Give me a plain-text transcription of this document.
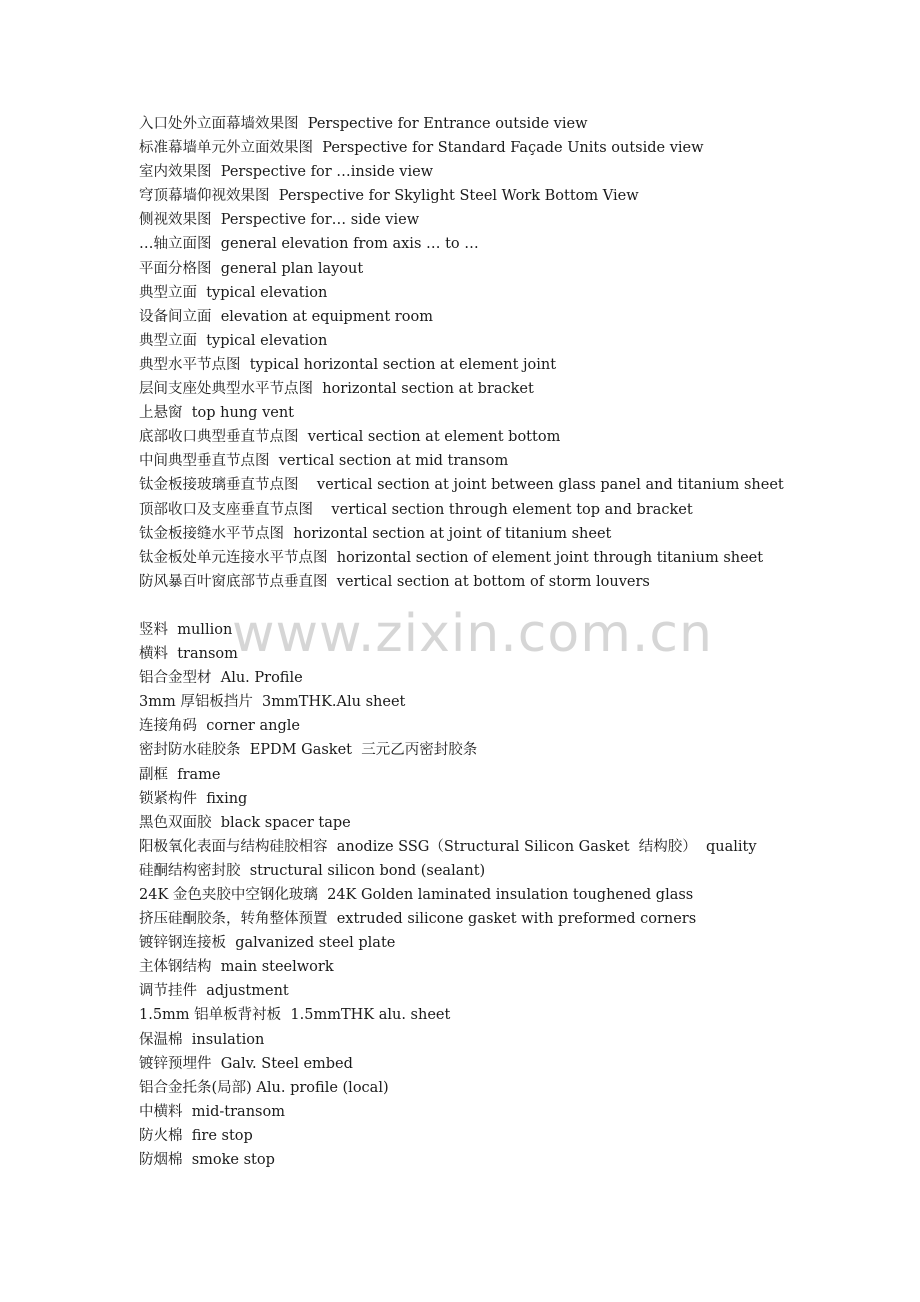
www.zixin.com.cn
入口处外立面幕墙效果图  Perspective for Entrance outside view
标准幕墙单元外立面效果图  Perspective for Standard Façade Units outside view
室内效果图  Perspective for …inside view
穹顶幕墙仰视效果图  Perspective for Skylight Steel Work Bottom View
侧视效果图  Perspective for… side view
…轴立面图  general elevation from axis … to …
平面分格图  general plan layout
典型立面  typical elevation
设备间立面  elevation at equipment room
典型立面  typical elevation
典型水平节点图  typical horizontal section at element joint
层间支座处典型水平节点图  horizontal section at bracket
上悬窗  top hung vent
底部收口典型垂直节点图  vertical section at element bottom
中间典型垂直节点图  vertical section at mid transom
钛金板接玻璃垂直节点图    vertical section at joint between glass panel and titanium sheet
顶部收口及支座垂直节点图    vertical section through element top and bracket
钛金板接缝水平节点图  horizontal section at joint of titanium sheet
钛金板处单元连接水平节点图  horizontal section of element joint through titanium sheet
防风暴百叶窗底部节点垂直图  vertical section at bottom of storm louvers
竖料  mullion
横料  transom
铝合金型材  Alu. Profile
3mm 厚铝板挡片  3mmTHK.Alu sheet
连接角码  corner angle
密封防水硅胶条  EPDM Gasket  三元乙丙密封胶条
副框  frame
锁紧构件  fixing
黑色双面胶  black spacer tape
阳极氧化表面与结构硅胶相容  anodize SSG（Structural Silicon Gasket  结构胶）  quality
硅酮结构密封胶  structural silicon bond (sealant)
24K 金色夹胶中空钢化玻璃  24K Golden laminated insulation toughened glass
挤压硅酮胶条，转角整体预置  extruded silicone gasket with preformed corners
镀锌钢连接板  galvanized steel plate
主体钢结构  main steelwork
调节挂件  adjustment
1.5mm 铝单板背衬板  1.5mmTHK alu. sheet
保温棉  insulation
镀锌预埋件  Galv. Steel embed
铝合金托条(局部) Alu. profile (local)
中横料  mid-transom
防火棉  fire stop
防烟棉  smoke stop
